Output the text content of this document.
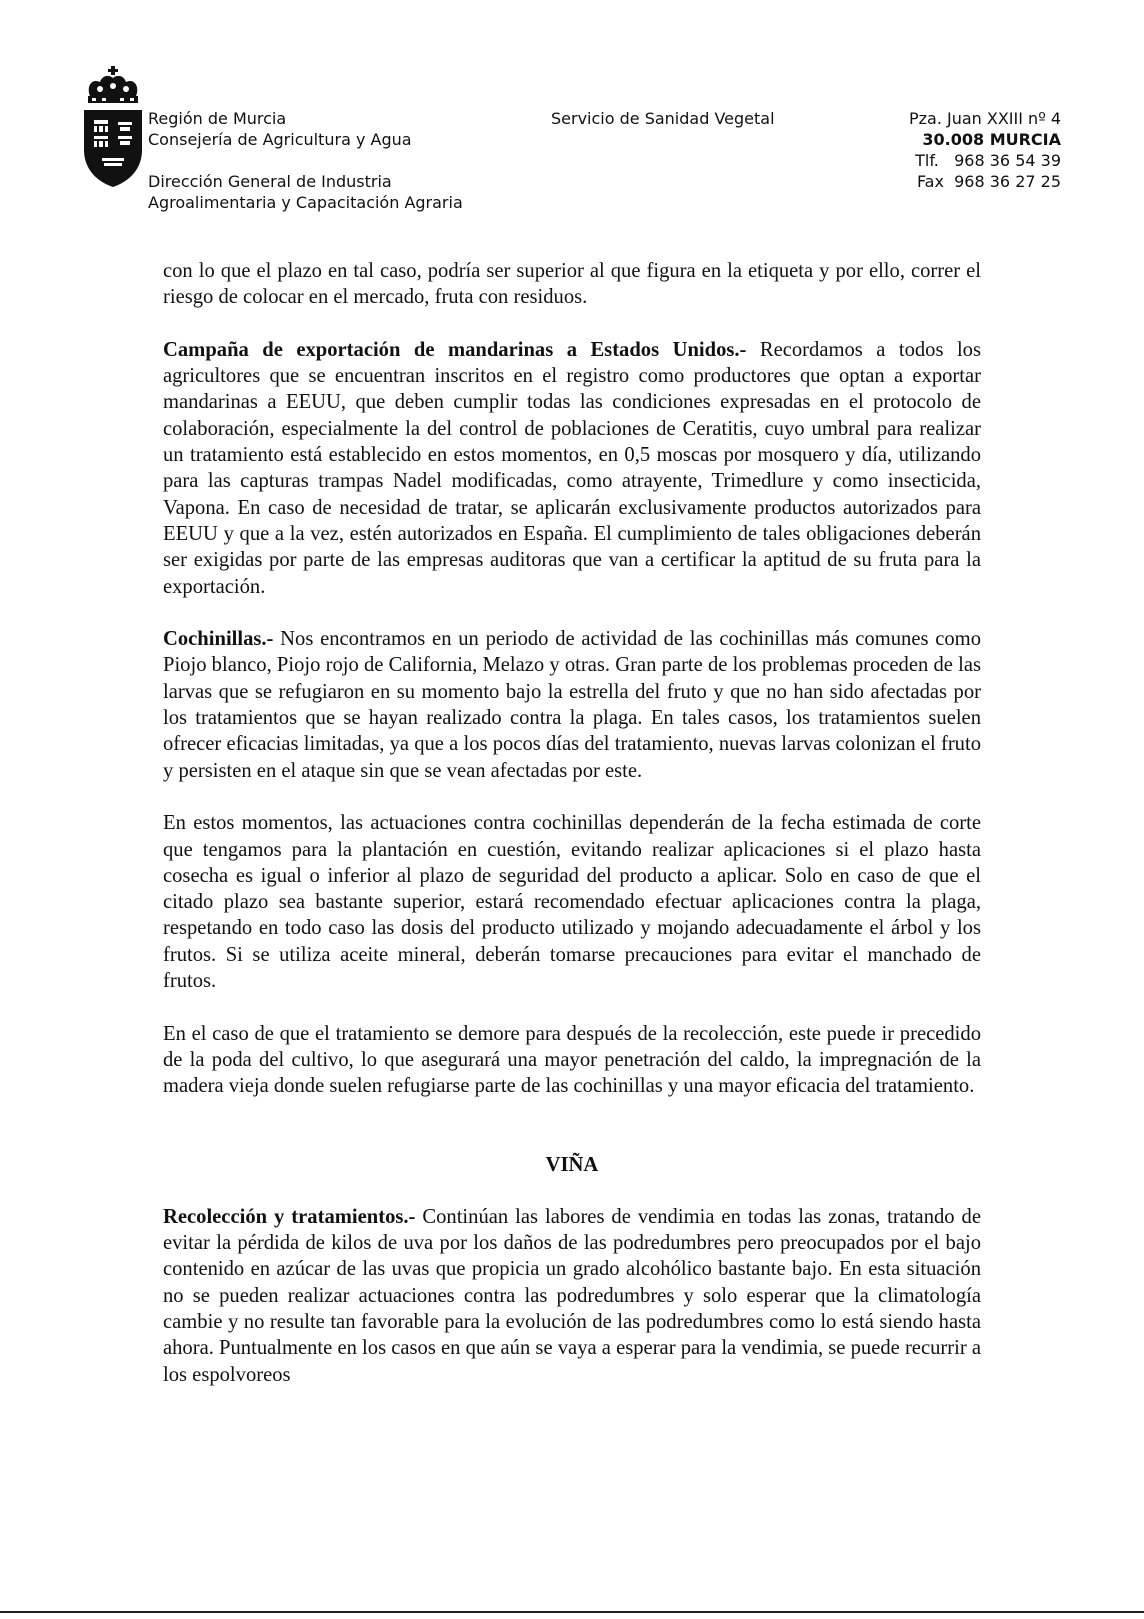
Región de Murcia
Consejería de Agricultura y Agua
Dirección General de Industria
Agroalimentaria y Capacitación Agraria
Servicio de Sanidad Vegetal	Pza. Juan XXIII nº 4
30.008 MURCIA
Tlf.   968 36 54 39
Fax  968 36 27 25

con lo que el plazo en tal caso, podría ser superior al que figura en la etiqueta y por ello, correr el riesgo de colocar en el mercado, fruta con residuos.

Campaña de exportación de mandarinas a Estados Unidos.- Recordamos a todos los agricultores que se encuentran inscritos en el registro como productores que optan a exportar mandarinas a EEUU, que deben cumplir todas las condiciones expresadas en el protocolo de colaboración, especialmente la del control de poblaciones de Ceratitis, cuyo umbral para realizar un tratamiento está establecido en estos momentos, en 0,5 moscas por mosquero y día, utilizando para las capturas trampas Nadel modificadas, como atrayente, Trimedlure y como insecticida, Vapona. En caso de necesidad de tratar, se aplicarán exclusivamente productos autorizados para EEUU y que a la vez, estén autorizados en España. El cumplimiento de tales obligaciones deberán ser exigidas por parte de las empresas auditoras que van a certificar la aptitud de su fruta para la exportación.

Cochinillas.- Nos encontramos en un periodo de actividad de las cochinillas más comunes como Piojo blanco, Piojo rojo de California, Melazo y otras. Gran parte de los problemas proceden de las larvas que se refugiaron en su momento bajo la estrella del fruto y que no han sido afectadas por los tratamientos que se hayan realizado contra la plaga. En tales casos, los tratamientos suelen ofrecer eficacias limitadas, ya que a los pocos días del tratamiento, nuevas larvas colonizan el fruto y persisten en el ataque sin que se vean afectadas por este.

En estos momentos, las actuaciones contra cochinillas dependerán de la fecha estimada de corte que tengamos para la plantación en cuestión, evitando realizar aplicaciones si el plazo hasta cosecha es igual o inferior al plazo de seguridad del producto a aplicar. Solo en caso de que el citado plazo sea bastante superior, estará recomendado efectuar aplicaciones contra la plaga, respetando en todo caso las dosis del producto utilizado y mojando adecuadamente el árbol y los frutos. Si se utiliza aceite mineral, deberán tomarse precauciones para evitar el manchado de frutos.

En el caso de que el tratamiento se demore para después de la recolección, este puede ir precedido de la poda del cultivo, lo que asegurará una mayor penetración del caldo, la impregnación de la madera vieja donde suelen refugiarse parte de las cochinillas y una mayor eficacia del tratamiento.

VIÑA

Recolección y tratamientos.- Continúan las labores de vendimia en todas las zonas, tratando de evitar la pérdida de kilos de uva por los daños de las podredumbres pero preocupados por el bajo contenido en azúcar de las uvas que propicia un grado alcohólico bastante bajo. En esta situación no se pueden realizar actuaciones contra las podredumbres y solo esperar que la climatología cambie y no resulte tan favorable para la evolución de las podredumbres como lo está siendo hasta ahora. Puntualmente en los casos en que aún se vaya a esperar para la vendimia, se puede recurrir a los espolvoreos
